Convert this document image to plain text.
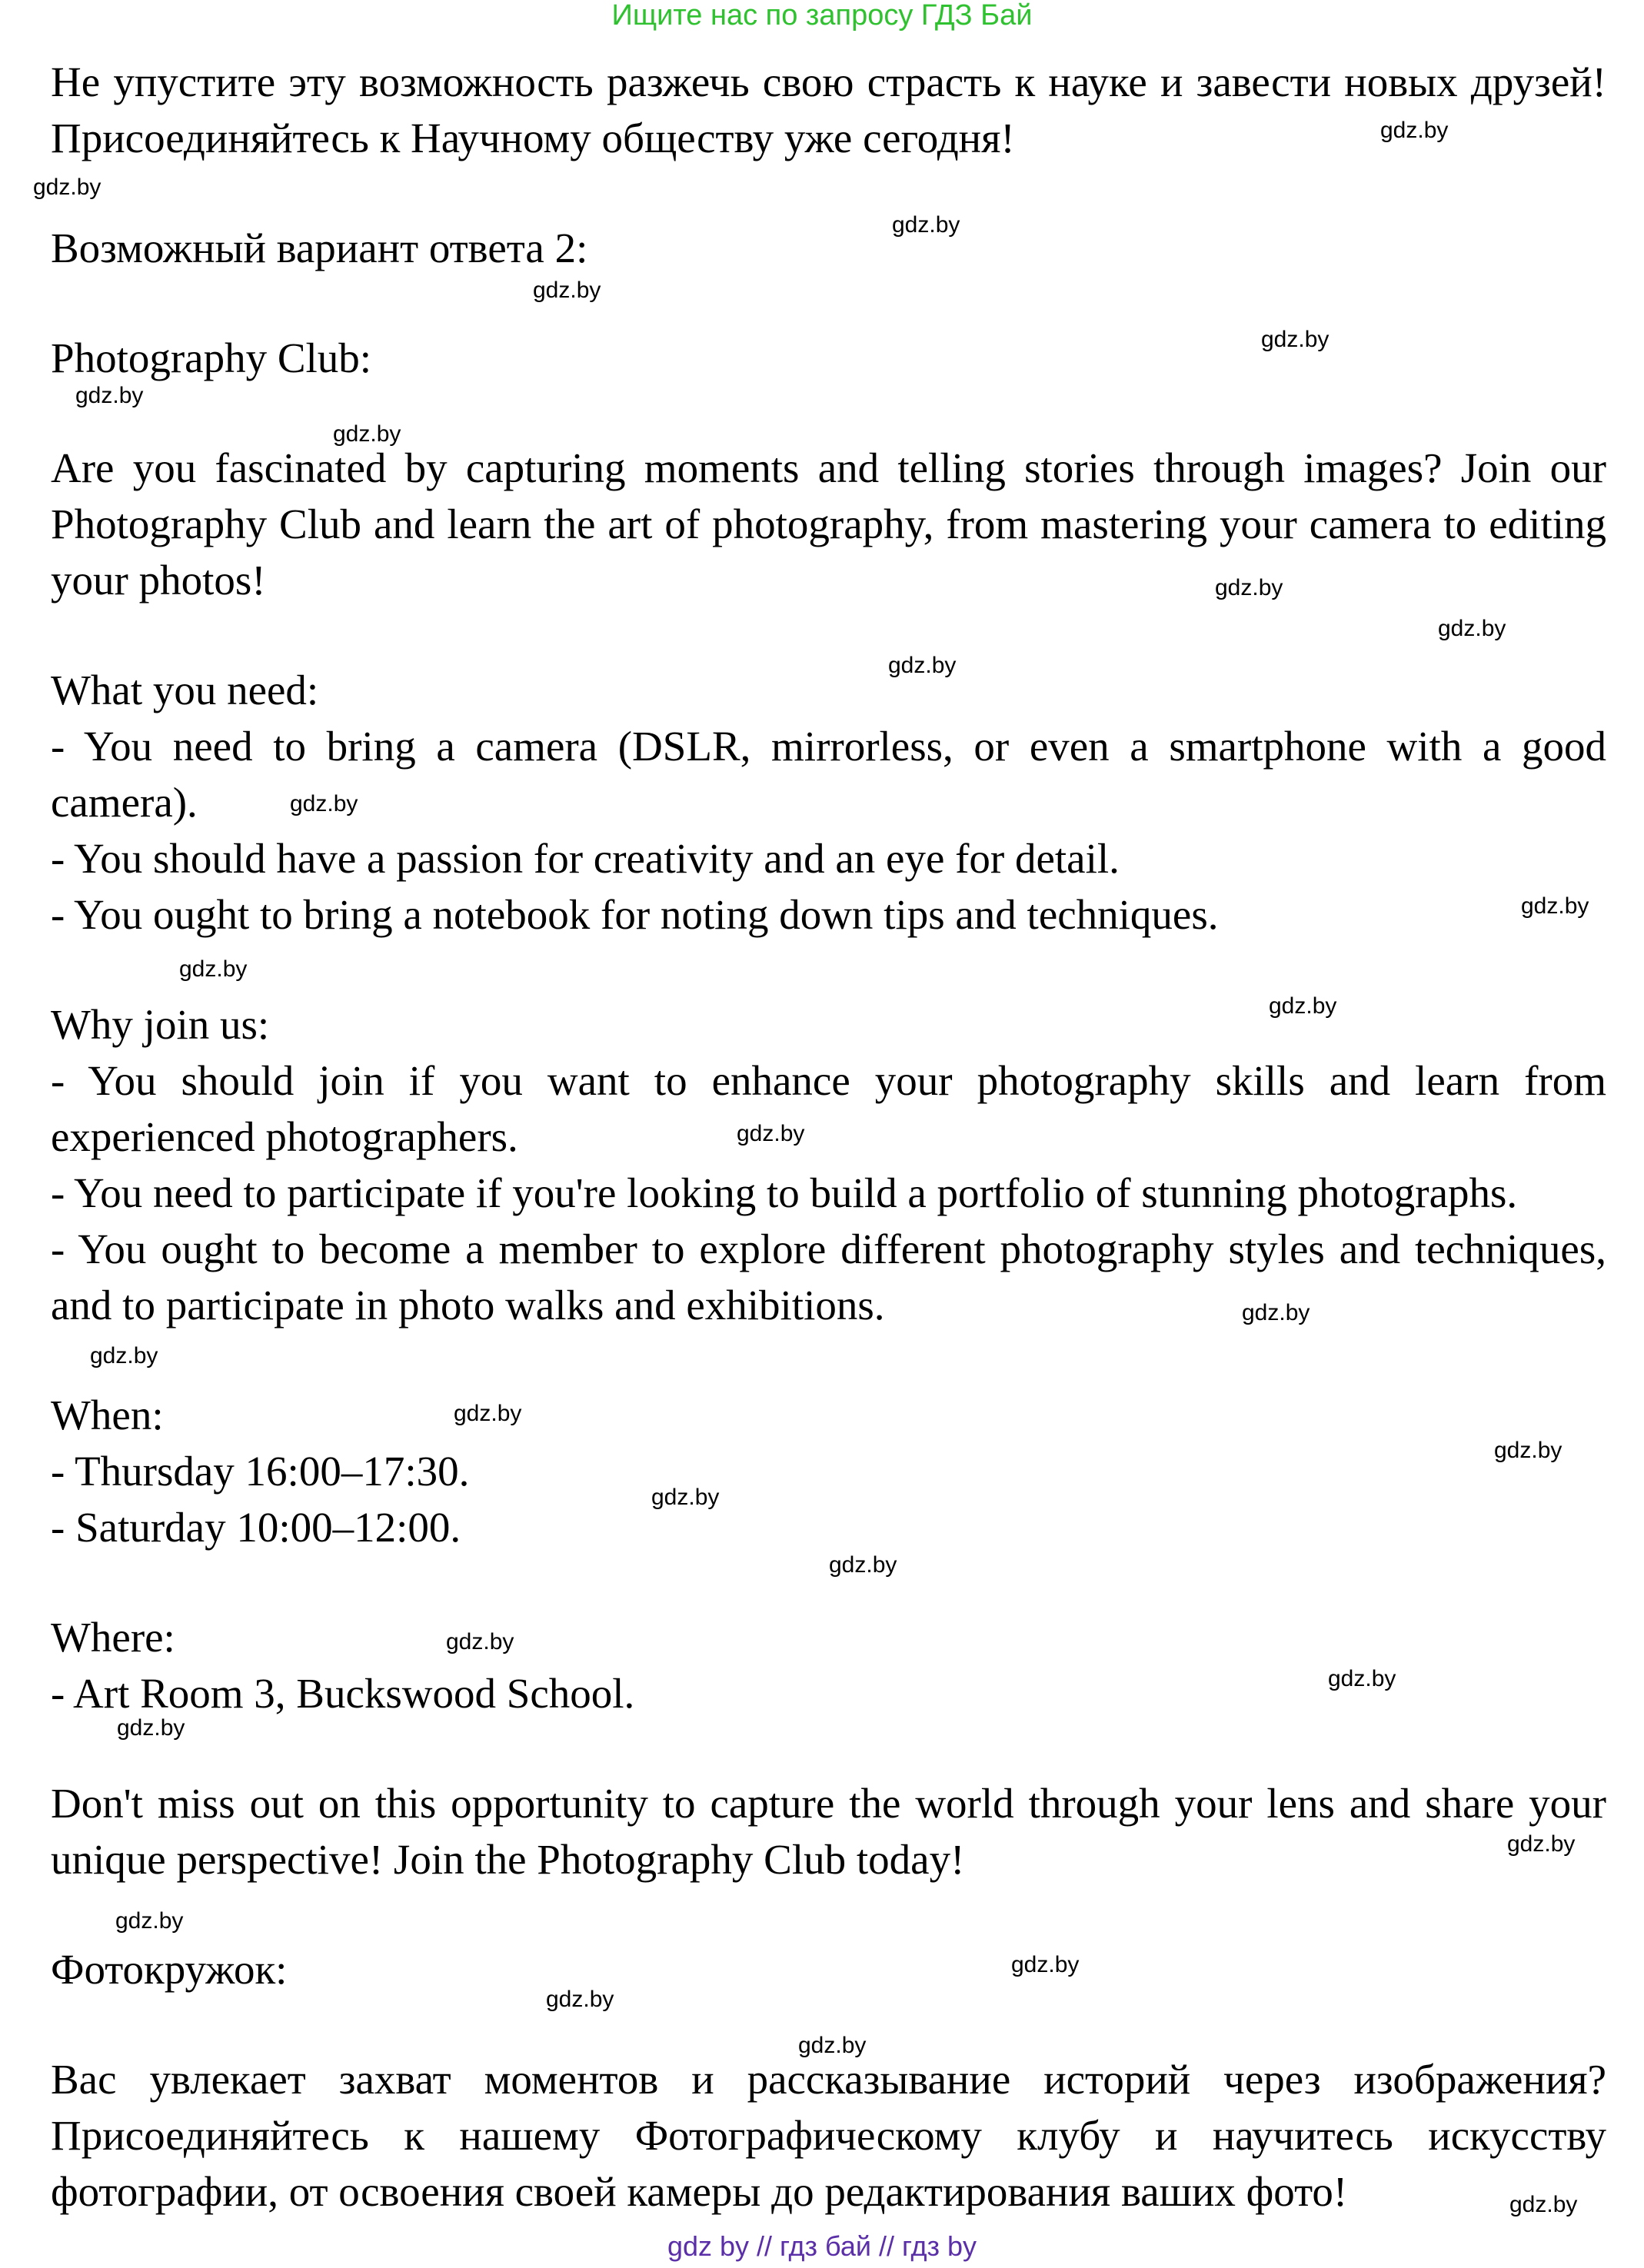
Ищите нас по запросу ГДЗ Бай

Не упустите эту возможность разжечь свою страсть к науке и завести новых друзей! Присоединяйтесь к Научному обществу уже сегодня!

Возможный вариант ответа 2:

Photography Club:

Are you fascinated by capturing moments and telling stories through images? Join our Photography Club and learn the art of photography, from mastering your camera to editing your photos!

What you need:

- You need to bring a camera (DSLR, mirrorless, or even a smartphone with a good camera).

- You should have a passion for creativity and an eye for detail.

- You ought to bring a notebook for noting down tips and techniques.

Why join us:

- You should join if you want to enhance your photography skills and learn from experienced photographers.

- You need to participate if you're looking to build a portfolio of stunning photographs.

- You ought to become a member to explore different photography styles and techniques, and to participate in photo walks and exhibitions.

When:

- Thursday 16:00–17:30.

- Saturday 10:00–12:00.

Where:

- Art Room 3, Buckswood School.

Don't miss out on this opportunity to capture the world through your lens and share your unique perspective! Join the Photography Club today!

Фотокружок:

Вас увлекает захват моментов и рассказывание историй через изображения? Присоединяйтесь к нашему Фотографическому клубу и научитесь искусству фотографии, от освоения своей камеры до редактирования ваших фото!

gdz.by
gdz.by
gdz.by
gdz.by
gdz.by
gdz.by
gdz.by
gdz.by
gdz.by
gdz.by
gdz.by
gdz.by
gdz.by
gdz.by
gdz.by
gdz.by
gdz.by
gdz.by
gdz.by
gdz.by
gdz.by
gdz.by
gdz.by
gdz.by
gdz.by
gdz.by
gdz.by
gdz.by
gdz.by
gdz.by
gdz by // гдз бай // гдз by
